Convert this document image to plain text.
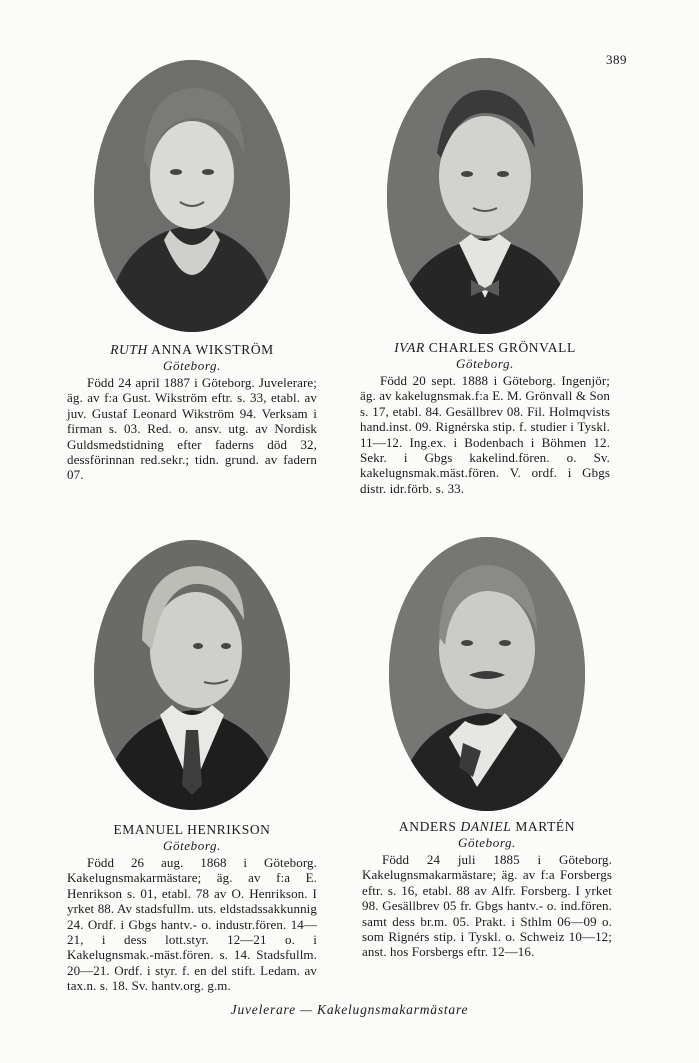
389
RUTH ANNA WIKSTRÖM
Göteborg.
Född 24 april 1887 i Göteborg. Juvelerare; äg. av f:a Gust. Wikström eftr. s. 33, etabl. av juv. Gustaf Leonard Wikström 94. Verksam i firman s. 03. Red. o. ansv. utg. av Nordisk Guldsmedstidning efter faderns död 32, dessförinnan red.sekr.; tidn. grund. av fadern 07.
IVAR CHARLES GRÖNVALL
Göteborg.
Född 20 sept. 1888 i Göteborg. Ingenjör; äg. av kakelugnsmak.f:a E. M. Grönvall & Son s. 17, etabl. 84. Gesällbrev 08. Fil. Holmqvists hand.inst. 09. Rignérska stip. f. studier i Tyskl. 11—12. Ing.ex. i Bodenbach i Böhmen 12. Sekr. i Gbgs kakelind.fören. o. Sv. kakelugnsmak.mäst.fören. V. ordf. i Gbgs distr. idr.förb. s. 33.
EMANUEL HENRIKSON
Göteborg.
Född 26 aug. 1868 i Göteborg. Kakelugnsmakarmästare; äg. av f:a E. Henrikson s. 01, etabl. 78 av O. Henrikson. I yrket 88. Av stadsfullm. uts. eldstadssakkunnig 24. Ordf. i Gbgs hantv.- o. industr.fören. 14—21, i dess lott.styr. 12—21 o. i Kakelugnsmak.-mäst.fören. s. 14. Stadsfullm. 20—21. Ordf. i styr. f. en del stift. Ledam. av tax.n. s. 18. Sv. hantv.org. g.m.
ANDERS DANIEL MARTÉN
Göteborg.
Född 24 juli 1885 i Göteborg. Kakelugnsmakarmästare; äg. av f:a Forsbergs eftr. s. 16, etabl. 88 av Alfr. Forsberg. I yrket 98. Gesällbrev 05 fr. Gbgs hantv.- o. ind.fören. samt dess br.m. 05. Prakt. i Sthlm 06—09 o. som Rignérs stip. i Tyskl. o. Schweiz 10—12; anst. hos Forsbergs eftr. 12—16.
Juvelerare — Kakelugnsmakarmästare
